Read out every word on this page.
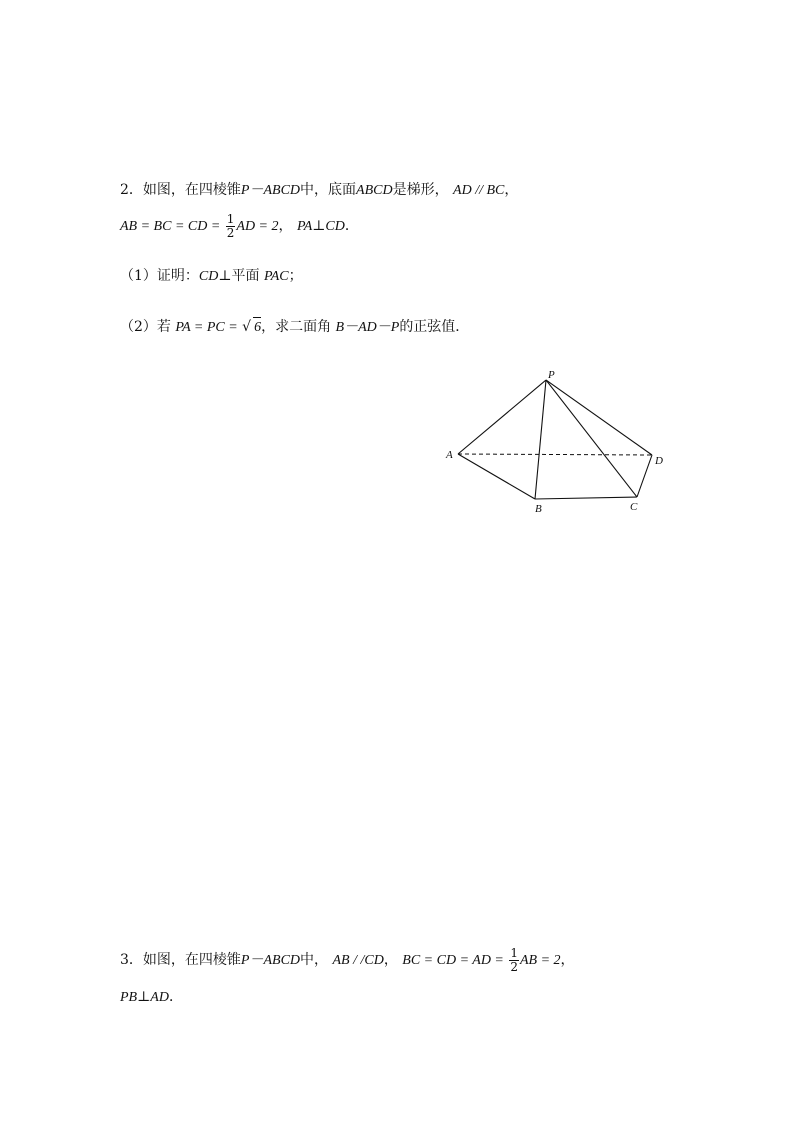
2．如图，在四棱锥P－ABCD中，底面ABCD是梯形， AD // BC，
AB = BC = CD = $\frac{1}{2}$ AD = 2， PA⊥CD．
（1）证明：CD⊥平面 PAC；
（2）若 PA = PC = √ 6，求二面角 B－AD－P的正弦值．
P
A
B	C
D
3．如图，在四棱锥P－ABCD中， AB / /CD， BC = CD = AD = $\frac{1}{2}$ AB = 2，
PB⊥AD．
